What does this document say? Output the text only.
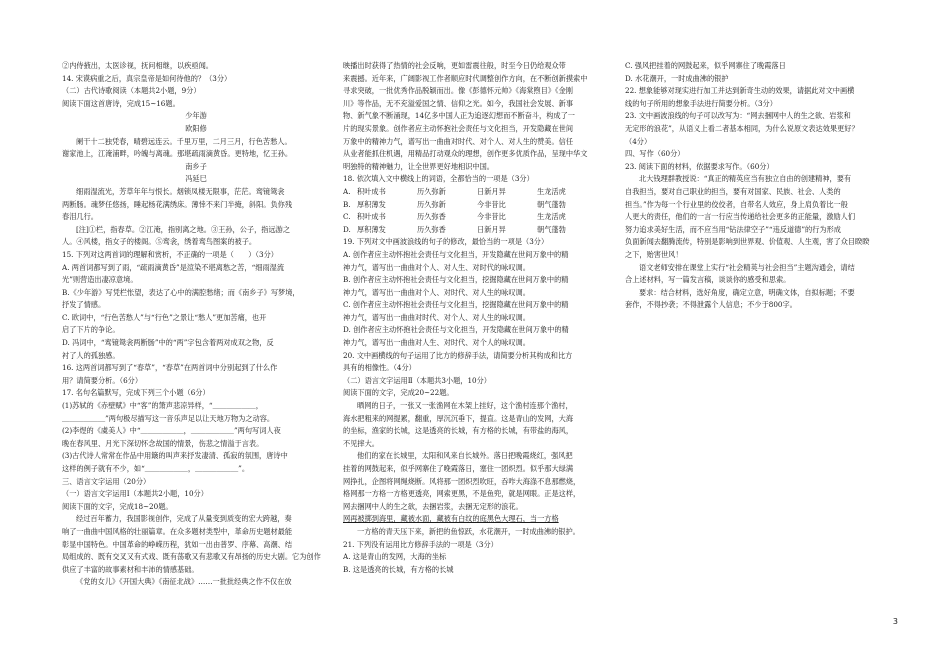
②内侍掖出，太医诊视，抚问相继，以疾亟闻。
14. 宋谟病重之后，真宗皇帝是如何待他的？（3分）
（二）古代诗歌阅读（本题共2小题，9分）
阅读下面这首唐诗，完成15~16题。
少年游
欧阳修
阑干十二独凭春，晴碧远连云。千里万里，二月三月，行色苦愁人。
谢家池上，江淹浦畔，吟魄与离魂。那堪疏雨滴黄昏。更特地，忆王孙。
南乡子
冯延巳
细雨湿流光，芳草年年与恨长。烟锁凤楼无限事，茫茫。鸾镜鸳衾
两断肠。魂梦任悠扬，睡起杨花满绣床。薄悻不来门半掩，斜阳。负你残
春泪几行。
[注]①栏，指春草。②江淹，指别离之地。③王孙，公子，指远游之
人。④风楼，指女子的楼阁。⑤鸾衾，绣着鸾鸟图案的被子。
15. 下列对这两首词的理解和赏析，不正确的一项是（　　）（3分）
A. 两首词都写到了雨，“疏雨滴黄昏”是渲染不堪离愁之苦，“细雨湿流
光”则营造出凄凉意境。
B.《少年游》写凭栏怅望，表达了心中的满腔愁绪；而《南乡子》写梦境，
抒发了情感。
C. 欧词中，“行色苦愁人”与“行色”之景让“愁人”更加苦痛，也开
启了下片的争论。
D. 冯词中，“鸾镜鸳衾两断肠”中的“两”字包含着两对成双之物，反
衬了人的孤独感。
16. 这两首词都写到了“春草”，“春草”在两首词中分别起到了什么作
用？请简要分析。（6分）
17. 名句名篇默写，完成下列三个小题（6分）
(1)苏轼的《赤壁赋》中“客”的箫声悲凉异样，“＿＿＿＿＿＿，
＿＿＿＿＿＿”两句极尽描写这一音乐声足以让天地万物为之动容。
(2)李煜的《虞美人》中“＿＿＿＿＿＿，＿＿＿＿＿＿”两句写词人夜
晚在春风里、月光下深切怀念故国的情景，伤悲之情溢于言表。
(3)古代诗人常常在作品中用簸的叫声来抒发凄清、孤寂的氛围，唐诗中
这样的例子就有不少，如“＿＿＿＿＿＿，＿＿＿＿＿＿”。
三、语言文字运用（20分）
（一）语言文字运用Ⅰ（本题共2小题，10分）
阅读下面的文字，完成18~20题。
经过百年蓄力，我国影视创作，完成了从量变到质变的宏大跨越，奏
响了一曲曲中国风格的壮丽篇章。在众多题材类型中，革命历史题材最能
彰显中国特色。中国革命的峥嵘历程，犹如一出由普罗、序幕、高潮、结
局组成的、既有交叉又有式戏、既有荡歌又有悲歌又有昂扬的历史大剧。它为创作
供应了丰富的故事素材和丰沛的情感基础。
《党的女儿》《开国大典》《南征北战》……一批批经典之作不仅在放
映播出时获得了热情的社会反响，更如雷震往般，时至今日仍给观众带
来震撼。近年来，广阔影视工作者顺应时代调整创作方向，在不断创新摸索中
寻求突破，一批优秀作品脱颖而出。像《彭德怀元帅》《海棠煦目》《金刚
川》等作品，无不充溢爱国之情、信仰之光。如今，我国社会发展、新事
物、新气象不断涌现，14亿多中国人正为追逐幻想而不断奋斗，构成了一
片的现实景象。创作者应主动怀抱社会责任与文化担当，开发隐藏在世间
万象中的精神力气，谱写出一曲曲对时代、对个人、对人生的赞美。信任
从业者能抓住机遇，用精品打动观众的理想，创作更多优质作品，呈现中华文
明独特的精神魅力，让全世界更好地相识中国。
18. 依次填入文中横线上的词语，全都恰当的一项是（3分）
A. 积叶成书	历久弥新	日新月异	生龙活虎
B. 厚积薄发	历久弥新	今非昔比	朝气蓬勃
C. 积叶成书	历久弥香	今非昔比	生龙活虎
D. 厚积薄发	历久弥香	日新月异	朝气蓬勃
19. 下列对文中画波浪线的句子的修改，最恰当的一项是（3分）
A. 创作者应主动怀抱社会责任与文化担当，开发隐藏在世间万象中的精
神力气，谱写出一曲曲对个人、对人生、对时代的咏叹调。
B. 创作者应主动怀抱社会责任与文化担当，挖掘隐藏在世间万象中的精
神力气，谱写出一曲曲对个人、对时代、对人生的咏叹调。
C. 创作者应主动怀抱社会责任与文化担当，挖掘隐藏在世间万象中的精
神力气，谱写出一曲曲对时代、对个人、对人生的咏叹调。
D. 创作者应主动怀抱社会责任与文化担当，开发隐藏在世间万象中的精
神力气，谱写出一曲曲对人生、对时代、对个人的咏叹调。
20. 文中画横线的句子运用了比方的修辞手法，请简要分析其构成和比方
具有的相像性。（4分）
（二）语言文字运用Ⅱ（本题共3小题，10分）
阅读下面的文字，完成20~22题。
晒网的日子，一张又一张渔网在木架上挂好，这个渔村连那个渔村，
海水把粗来的网提累，翻重，厚沉沉垂下，提直。这是青山的发网，大海
的坐标，渔家的长城，这是透亮的长城，有方格的长城，有带盐的海风，
不见摔大。
他们的家在长城里，太阳和风来自长城外。落日把晚霞烧红，强风把
挂着的网鼓起来，似乎网寨住了晚霞落日，塞住一团炽烈。似乎那大绿满
网挣扎，企图将网绳烧断。风将那一团炽烈吹旺，吞咋大海涤不息那燃烧，
格网那一方格一方格更透亮，网索更黑，不是鱼兜，就是网眼。正是这样，
网去捆网中人的生之欲，去捆岩浆，去捆无定形的浪花。
网再被掷到海里，藏被水面，藏被有白纹的庭黑色大理石，当一方格
一方格的青天压下来，新把的鱼惊跃，水花潮开，一时成曲沸的银护。
21. 下列没有运用比方修辞手法的一项是（3分）
A. 这是青山的发网，大海的坐标
B. 这是透亮的长城，有方格的长城
C. 强风把挂着的网鼓起来，似乎网寨住了晚霞落日
D. 水花潮开，一时成曲沸的银护
22. 想象能够对现实进行加工并达到新奇生动的效果，请据此对文中画横
线的句子所用的想象手法进行简要分析。（3分）
23. 文中画波浪线的句子可以改写为：“网去捆网中人的生之欲、岩浆和
无定形的浪花”，从语义上看二者基本相同，为什么说原文表达效果更好？
（4分）
四、写作（60分）
23. 阅读下面的材料，依据要求写作。（60分）
北大钱理群教授说：“真正的精英应当有独立自由的创建精神，要有
自我担当，要对自己职业的担当，要有对国家、民族、社会、人类的
担当。”作为每一个行业里的佼佼者，自带名人效应，身上肩负着比一般
人更大的责任，他们的一言一行应当传递给社会更多的正能量，激励人们
努力追求美好生活，而不应当用“钻法律空子”“违反道德”的行为形成
负面新闻去翻腾流传，特别是影响到世界观、价值观、人生观，害了众目睽睽
之下，贻害世风！
语文老师安排在课堂上实行“社会精英与社会担当”主题沟通会，请结
合上述材料，写一篇发言稿，谈谈你的感受和思索。
要求：结合材料，选好角度，确定立意，明确文体，自拟标题；不要
套作，不得抄袭；不得泄露个人信息；不少于800字。
3
